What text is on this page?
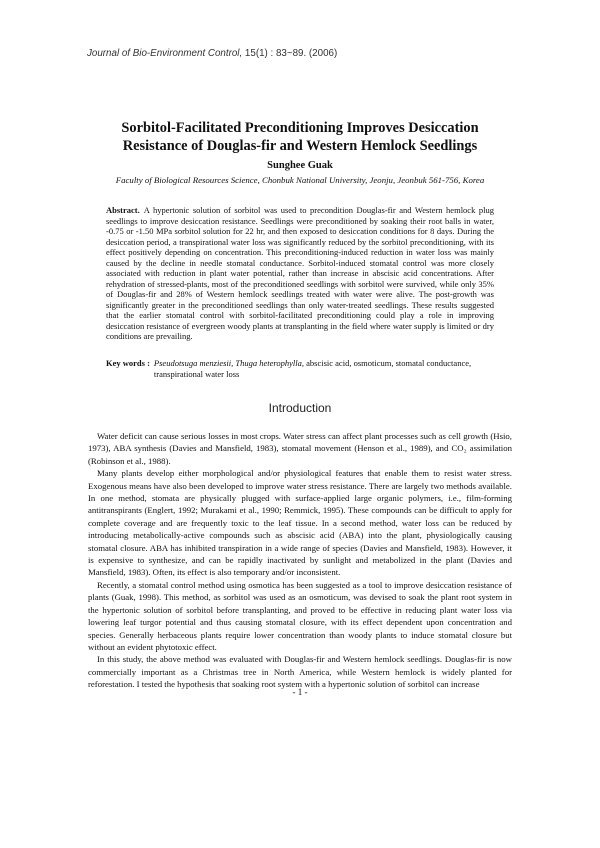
Journal of Bio-Environment Control, 15(1) : 83~89. (2006)
Sorbitol-Facilitated Preconditioning Improves Desiccation
Resistance of Douglas-fir and Western Hemlock Seedlings
Sunghee Guak
Faculty of Biological Resources Science, Chonbuk National University, Jeonju, Jeonbuk 561-756, Korea
Abstract. A hypertonic solution of sorbitol was used to precondition Douglas-fir and Western hemlock plug seedlings to improve desiccation resistance. Seedlings were preconditioned by soaking their root balls in water, -0.75 or -1.50 MPa sorbitol solution for 22 hr, and then exposed to desiccation conditions for 8 days. During the desiccation period, a transpirational water loss was significantly reduced by the sorbitol preconditioning, with its effect positively depending on concentration. This preconditioning-induced reduction in water loss was mainly caused by the decline in needle stomatal conductance. Sorbitol-induced stomatal control was more closely associated with reduction in plant water potential, rather than increase in abscisic acid concentrations. After rehydration of stressed-plants, most of the preconditioned seedlings with sorbitol were survived, while only 35% of Douglas-fir and 28% of Western hemlock seedlings treated with water were alive. The post-growth was significantly greater in the preconditioned seedlings than only water-treated seedlings. These results suggested that the earlier stomatal control with sorbitol-facilitated preconditioning could play a role in improving desiccation resistance of evergreen woody plants at transplanting in the field where water supply is limited or dry conditions are prevailing.
Key words : Pseudotsuga menziesii, Thuga heterophylla, abscisic acid, osmoticum, stomatal conductance, transpirational water loss
Introduction

Water deficit can cause serious losses in most crops. Water stress can affect plant processes such as cell growth (Hsio, 1973), ABA synthesis (Davies and Mansfield, 1983), stomatal movement (Henson et al., 1989), and CO₂ assimilation (Robinson et al., 1988).

Many plants develop either morphological and/or physiological features that enable them to resist water stress. Exogenous means have also been developed to improve water stress resistance. There are largely two methods available. In one method, stomata are physically plugged with surface-applied large organic polymers, i.e., film-forming antitranspirants (Englert, 1992; Murakami et al., 1990; Remmick, 1995). These compounds can be difficult to apply for complete coverage and are frequently toxic to the leaf tissue. In a second method, water loss can be reduced by introducing metabolically-active compounds such as abscisic acid (ABA) into the plant, physiologically causing stomatal closure. ABA has inhibited transpiration in a wide range of species (Davies and Mansfield, 1983). However, it is expensive to synthesize, and can be rapidly inactivated by sunlight and metabolized in the plant (Davies and Mansfield, 1983). Often, its effect is also temporary and/or inconsistent.

Recently, a stomatal control method using osmotica has been suggested as a tool to improve desiccation resistance of plants (Guak, 1998). This method, as sorbitol was used as an osmoticum, was devised to soak the plant root system in the hypertonic solution of sorbitol before transplanting, and proved to be effective in reducing plant water loss via lowering leaf turgor potential and thus causing stomatal closure, with its effect dependent upon concentration and species. Generally herbaceous plants require lower concentration than woody plants to induce stomatal closure but without an evident phytotoxic effect.

In this study, the above method was evaluated with Douglas-fir and Western hemlock seedlings. Douglas-fir is now commercially important as a Christmas tree in North America, while Western hemlock is widely planted for reforestation. I tested the hypothesis that soaking root system with a hypertonic solution of sorbitol can increase

- 1 -
